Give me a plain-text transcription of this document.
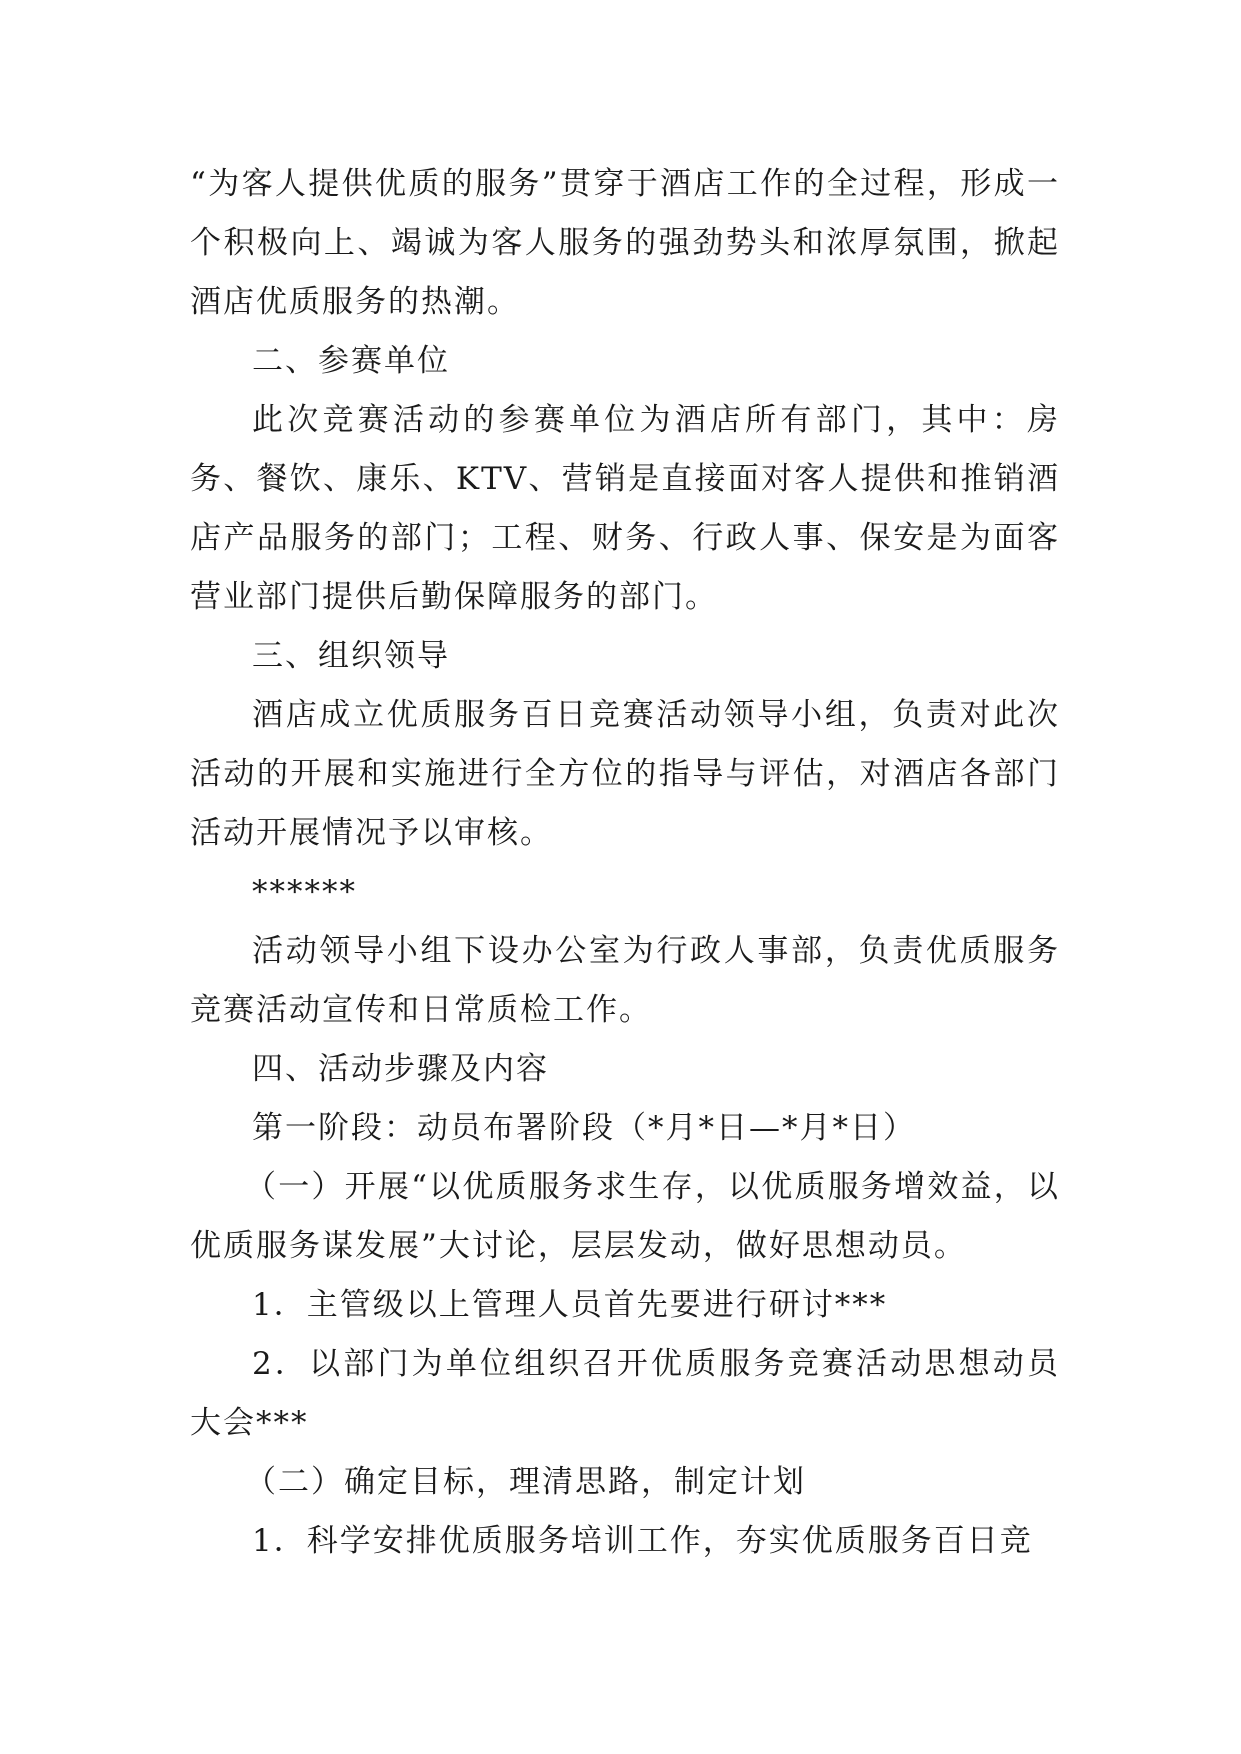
“为客人提供优质的服务”贯穿于酒店工作的全过程，形成一个积极向上、竭诚为客人服务的强劲势头和浓厚氛围，掀起酒店优质服务的热潮。

二、参赛单位

此次竞赛活动的参赛单位为酒店所有部门，其中：房务、餐饮、康乐、KTV、营销是直接面对客人提供和推销酒店产品服务的部门；工程、财务、行政人事、保安是为面客营业部门提供后勤保障服务的部门。

三、组织领导

酒店成立优质服务百日竞赛活动领导小组，负责对此次活动的开展和实施进行全方位的指导与评估，对酒店各部门活动开展情况予以审核。

******

活动领导小组下设办公室为行政人事部，负责优质服务竞赛活动宣传和日常质检工作。

四、活动步骤及内容

第一阶段：动员布署阶段（*月*日—*月*日）

（一）开展“以优质服务求生存，以优质服务增效益，以优质服务谋发展”大讨论，层层发动，做好思想动员。

1．主管级以上管理人员首先要进行研讨***

2．以部门为单位组织召开优质服务竞赛活动思想动员大会***

（二）确定目标，理清思路，制定计划

1．科学安排优质服务培训工作，夯实优质服务百日竞
